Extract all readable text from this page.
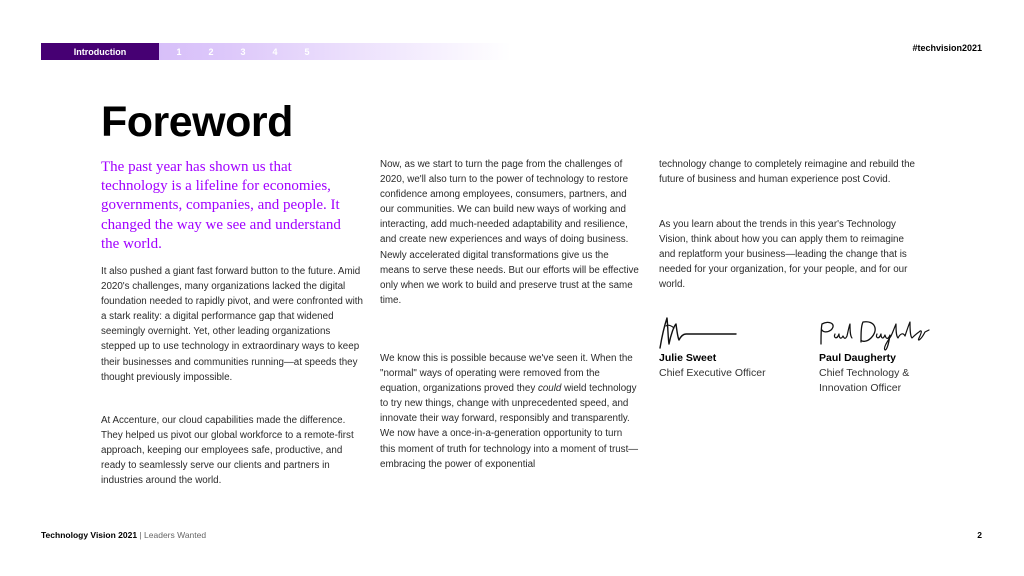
Introduction	1	2	3	4	5	#techvision2021
Foreword

The past year has shown us that technology is a lifeline for economies, governments, companies, and people. It changed the way we see and understand the world.

It also pushed a giant fast forward button to the future. Amid 2020's challenges, many organizations lacked the digital foundation needed to rapidly pivot, and were confronted with a stark reality: a digital performance gap that widened seemingly overnight. Yet, other leading organizations stepped up to use technology in extraordinary ways to keep their businesses and communities running—at speeds they thought previously impossible.

At Accenture, our cloud capabilities made the difference. They helped us pivot our global workforce to a remote-first approach, keeping our employees safe, productive, and ready to seamlessly serve our clients and partners in industries around the world.

Now, as we start to turn the page from the challenges of 2020, we'll also turn to the power of technology to restore confidence among employees, consumers, partners, and our communities. We can build new ways of working and interacting, add much-needed adaptability and resilience, and create new experiences and ways of doing business. Newly accelerated digital transformations give us the means to serve these needs. But our efforts will be effective only when we work to build and preserve trust at the same time.

We know this is possible because we've seen it. When the "normal" ways of operating were removed from the equation, organizations proved they could wield technology to try new things, change with unprecedented speed, and innovate their way forward, responsibly and transparently. We now have a once-in-a-generation opportunity to turn this moment of truth for technology into a moment of trust—embracing the power of exponential

technology change to completely reimagine and rebuild the future of business and human experience post Covid.

As you learn about the trends in this year's Technology Vision, think about how you can apply them to reimagine and replatform your business—leading the change that is needed for your organization, for your people, and for our world.

Julie Sweet
Chief Executive Officer
Paul Daugherty
Chief Technology &
Innovation Officer
Technology Vision 2021 | Leaders Wanted	2
